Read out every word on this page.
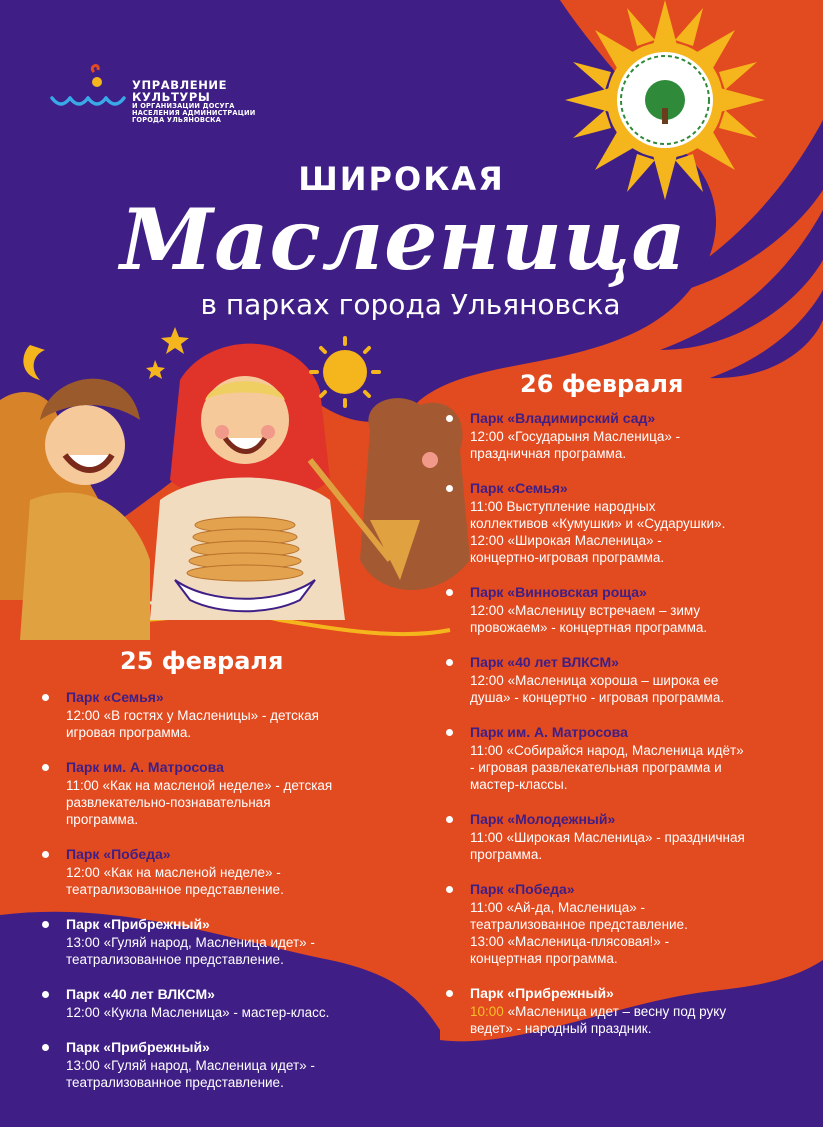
УПРАВЛЕНИЕ
КУЛЬТУРЫ
И ОРГАНИЗАЦИИ ДОСУГА
НАСЕЛЕНИЯ АДМИНИСТРАЦИИ
ГОРОДА УЛЬЯНОВСКА
ШИРОКАЯ
Масленица
в парках города Ульяновска
25 февраля
Парк «Семья»
12:00 «В гостях у Масленицы» - детская
игровая программа.
Парк им. А. Матросова
11:00 «Как на масленой неделе» - детская
развлекательно-познавательная
программа.
Парк «Победа»
12:00 «Как на масленой неделе» -
театрализованное представление.
Парк «Прибрежный»
13:00 «Гуляй народ, Масленица идет» -
театрализованное представление.
Парк «40 лет ВЛКСМ»
12:00 «Кукла Масленица» - мастер-класс.
Парк «Прибрежный»
13:00 «Гуляй народ, Масленица идет» -
театрализованное представление.
26 февраля
Парк «Владимирский сад»
12:00 «Государыня Масленица» -
праздничная программа.
Парк «Семья»
11:00 Выступление народных
коллективов «Кумушки» и «Сударушки».
12:00 «Широкая Масленица» -
концертно-игровая программа.
Парк «Винновская роща»
12:00 «Масленицу встречаем – зиму
провожаем» - концертная программа.
Парк «40 лет ВЛКСМ»
12:00 «Масленица хороша – широка ее
душа» - концертно - игровая программа.
Парк им. А. Матросова
11:00 «Собирайся народ, Масленица идёт»
- игровая развлекательная программа и
мастер-классы.
Парк «Молодежный»
11:00 «Широкая Масленица» - праздничная
программа.
Парк «Победа»
11:00 «Ай-да, Масленица» -
театрализованное представление.
13:00 «Масленица-плясовая!» -
концертная программа.
Парк «Прибрежный»
10:00 «Масленица идет – весну под руку
ведет» - народный праздник.
